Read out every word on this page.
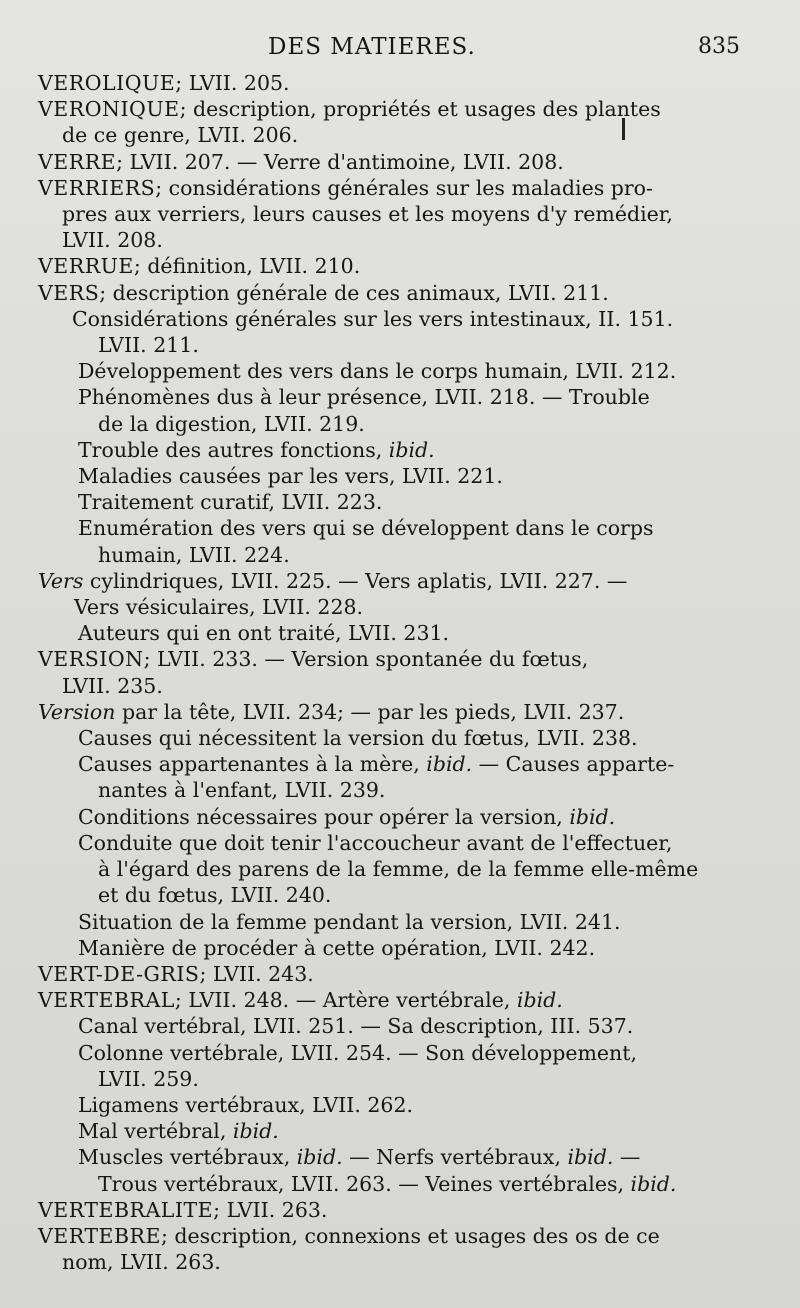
DES MATIERES.	835

VEROLIQUE; LVII. 205.

VERONIQUE; description, propriétés et usages des plantes

de ce genre, LVII. 206.

VERRE; LVII. 207. — Verre d'antimoine, LVII. 208.

VERRIERS; considérations générales sur les maladies pro-

pres aux verriers, leurs causes et les moyens d'y remédier,

LVII. 208.

VERRUE; définition, LVII. 210.

VERS; description générale de ces animaux, LVII. 211.

Considérations générales sur les vers intestinaux, II. 151.

LVII. 211.

Développement des vers dans le corps humain, LVII. 212.

Phénomènes dus à leur présence, LVII. 218. — Trouble

de la digestion, LVII. 219.

Trouble des autres fonctions, ibid.

Maladies causées par les vers, LVII. 221.

Traitement curatif, LVII. 223.

Enumération des vers qui se développent dans le corps

humain, LVII. 224.

Vers cylindriques, LVII. 225. — Vers aplatis, LVII. 227. —

Vers vésiculaires, LVII. 228.

Auteurs qui en ont traité, LVII. 231.

VERSION; LVII. 233. — Version spontanée du fœtus,

LVII. 235.

Version par la tête, LVII. 234; — par les pieds, LVII. 237.

Causes qui nécessitent la version du fœtus, LVII. 238.

Causes appartenantes à la mère, ibid. — Causes apparte-

nantes à l'enfant, LVII. 239.

Conditions nécessaires pour opérer la version, ibid.

Conduite que doit tenir l'accoucheur avant de l'effectuer,

à l'égard des parens de la femme, de la femme elle-même

et du fœtus, LVII. 240.

Situation de la femme pendant la version, LVII. 241.

Manière de procéder à cette opération, LVII. 242.

VERT-DE-GRIS; LVII. 243.

VERTEBRAL; LVII. 248. — Artère vertébrale, ibid.

Canal vertébral, LVII. 251. — Sa description, III. 537.

Colonne vertébrale, LVII. 254. — Son développement,

LVII. 259.

Ligamens vertébraux, LVII. 262.

Mal vertébral, ibid.

Muscles vertébraux, ibid. — Nerfs vertébraux, ibid. —

Trous vertébraux, LVII. 263. — Veines vertébrales, ibid.

VERTEBRALITE; LVII. 263.

VERTEBRE; description, connexions et usages des os de ce

nom, LVII. 263.
